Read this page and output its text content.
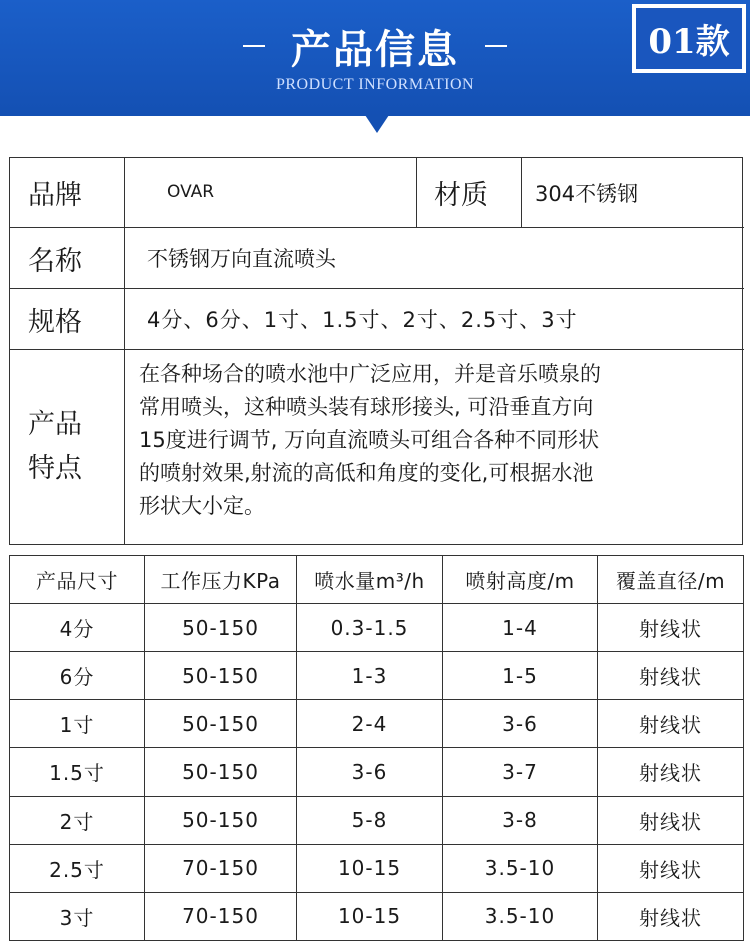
产品信息
PRODUCT INFORMATION
01款
品牌	OVAR	材质	304不锈钢
名称	不锈钢万向直流喷头
规格	4分、6分、1寸、1.5寸、2寸、2.5寸、3寸
产品
特点
在各种场合的喷水池中广泛应用，并是音乐喷泉的
常用喷头，这种喷头装有球形接头, 可沿垂直方向
15度进行调节, 万向直流喷头可组合各种不同形状
的喷射效果,射流的高低和角度的变化,可根据水池
形状大小定。
产品尺寸	工作压力KPa	喷水量m³/h	喷射高度/m	覆盖直径/m
4分	50-150	0.3-1.5	1-4	射线状
6分	50-150	1-3	1-5	射线状
1寸	50-150	2-4	3-6	射线状
1.5寸	50-150	3-6	3-7	射线状
2寸	50-150	5-8	3-8	射线状
2.5寸	70-150	10-15	3.5-10	射线状
3寸	70-150	10-15	3.5-10	射线状
